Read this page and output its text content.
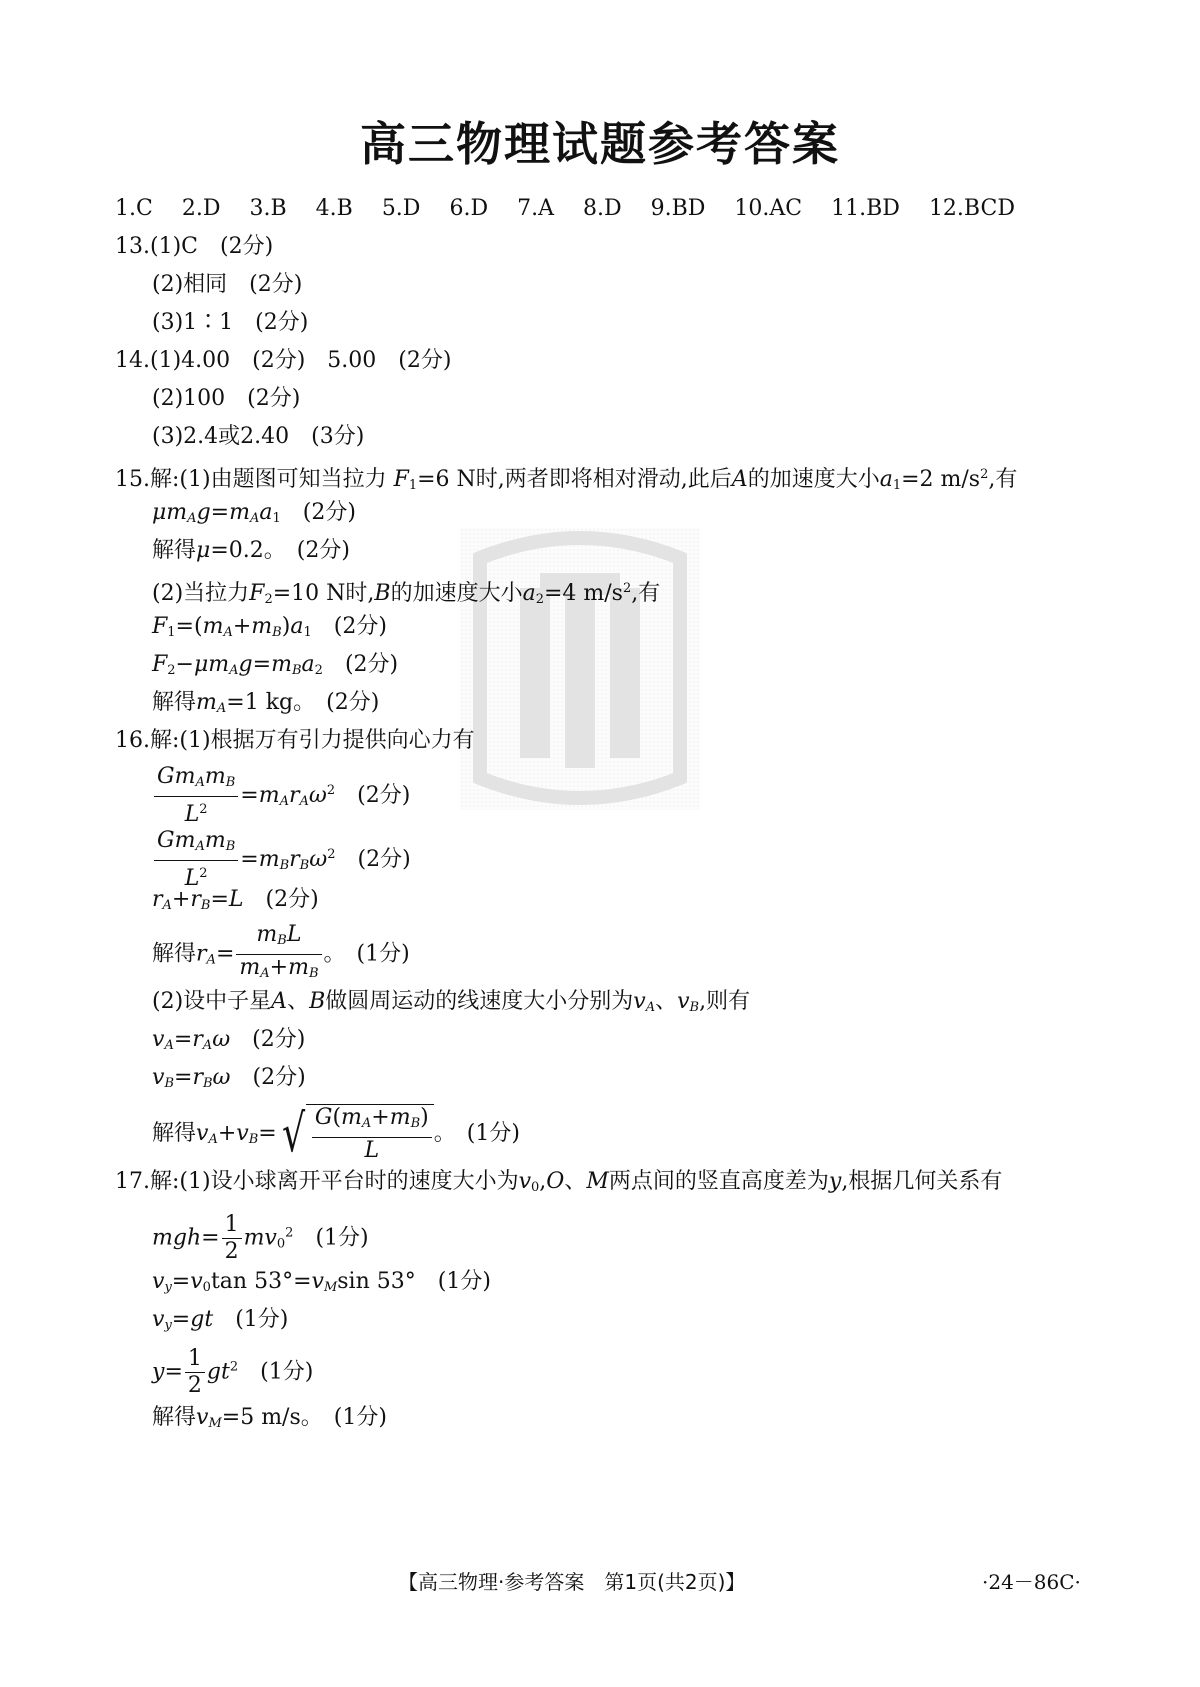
高三物理试题参考答案
1.C 2.D 3.B 4.B 5.D 6.D 7.A 8.D 9.BD 10.AC 11.BD 12.BCD
13.(1)C　(2分)
(2)相同　(2分)
(3)1∶1　(2分)
14.(1)4.00　(2分)　5.00　(2分)
(2)100　(2分)
(3)2.4或2.40　(3分)
15.解:(1)由题图可知当拉力 $F_1=6$ N时,两者即将相对滑动,此后A的加速度大小$a_1=2$ $m/s^2$,有
$\mu m_Ag=m_Aa_1$　 (2分)
解得μ=0.2。　 (2分)
(2)当拉力$F_2=10$ N时,B的加速度大小$a_2=4$ $m/s^2$,有
$F_1=(m_A+m_B)a_1$　 (2分)
$F_2-\mu m_Ag=m_Ba_2$　 (2分)
解得$m_A=1$ kg。　 (2分)
16.解:(1)根据万有引力提供向心力有
$\frac{Gm_Am_B}{L^2} =m_Ar_A\omega^2$　 (2分)
$\frac{Gm_Am_B}{L^2} =m_Br_B\omega^2$　 (2分)
$r_A+r_B=L$　 (2分)
解得$r_A= \frac{m_BL}{m_A+m_B}$ 。　(1分)
(2)设中子星A、B做圆周运动的线速度大小分别为$v_A$、$v_B$,则有
$v_A=r_A\omega$　 (2分)
$v_B=r_B\omega$　 (2分)
解得$v_A+v_B=$ √ $\frac{G(m_A+m_B)}{L}$ 。　(1分)
17.解:(1)设小球离开平台时的速度大小为$v_0,O$、M两点间的竖直高度差为y,根据几何关系有
$mgh= \frac{1}{2} mv_0^2$　 (1分)
$v_y=v_0\tan$ $53^\circ=v_M\sin$ 53°　(1分)
$v_y=gt$　 (1分)
$y= \frac{1}{2} gt^2$　 (1分)
解得$v_M=5$ m/s。　 (1分)
【高三物理·参考答案　第1页(共2页)】	·24－86C·
